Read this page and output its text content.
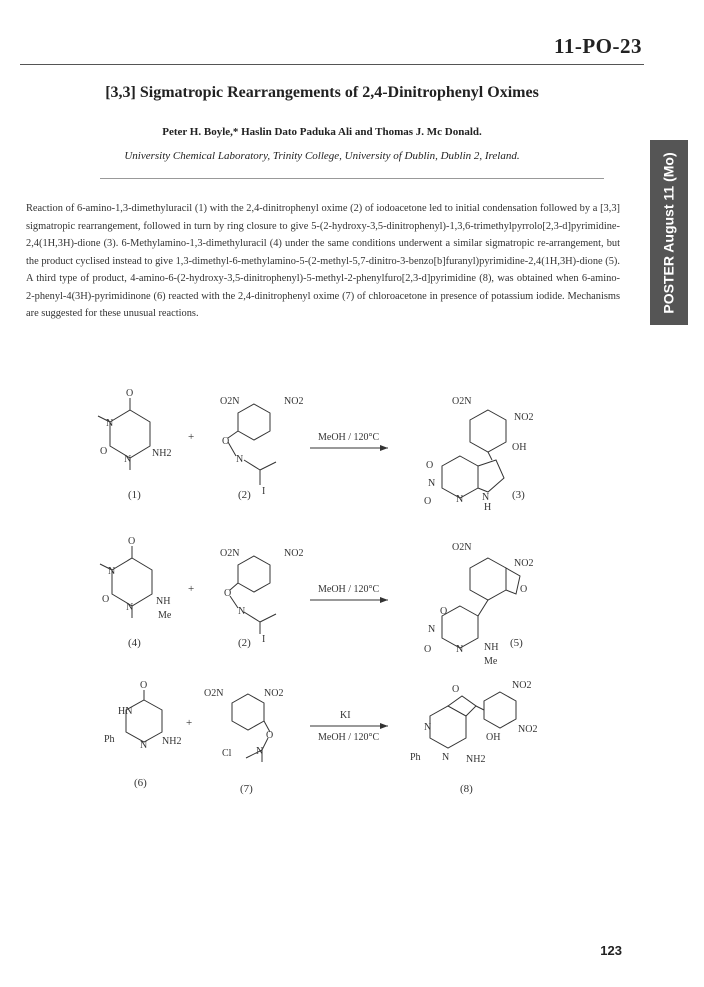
11-PO-23
[3,3] Sigmatropic Rearrangements of 2,4-Dinitrophenyl Oximes
Peter H. Boyle,* Haslin Dato Paduka Ali and Thomas J. Mc Donald.
University Chemical Laboratory, Trinity College, University of Dublin, Dublin 2, Ireland.	POSTER August 11 (Mo)

Reaction of 6-amino-1,3-dimethyluracil (1) with the 2,4-dinitrophenyl oxime (2) of iodoacetone led to initial condensation followed by a [3,3] sigmatropic rearrangement, followed in turn by ring closure to give 5-(2-hydroxy-3,5-dinitrophenyl)-1,3,6-trimethylpyrrolo[2,3-d]pyrimidine-2,4(1H,3H)-dione (3). 6-Methylamino-1,3-dimethyluracil (4) under the same conditions underwent a similar sigmatropic re-arrangement, but the product cyclised instead to give 1,3-dimethyl-6-methylamino-5-(2-methyl-5,7-dinitro-3-benzo[b]furanyl)pyrimidine-2,4(1H,3H)-dione (5). A third type of product, 4-amino-6-(2-hydroxy-3,5-dinitrophenyl)-5-methyl-2-phenylfuro[2,3-d]pyrimidine (8), was obtained when 6-amino-2-phenyl-4(3H)-pyrimidinone (6) reacted with the 2,4-dinitrophenyl oxime (7) of chloroacetone in presence of potassium iodide. Mechanisms are suggested for these unusual reactions.

O
N
N
O	NH2
+
O2N	NO2
O
N
I
MeOH / 120°C
O2N
NO2
OH
O
N
O N N
H
(1)	(2)	(3)
O
N
N
O	NH
Me
+
O2N	NO2
O
N
I
MeOH / 120°C
O2N
NO2
O
O
N
O N NH
Me
(4)	(2)	(5)
O
HN
Ph
N NH2
+
O2N	NO2
O
N
Cl
KI
MeOH / 120°C
O	NO2
OH
NO2
N
Ph N NH2
(6)	(7)	(8)
123
